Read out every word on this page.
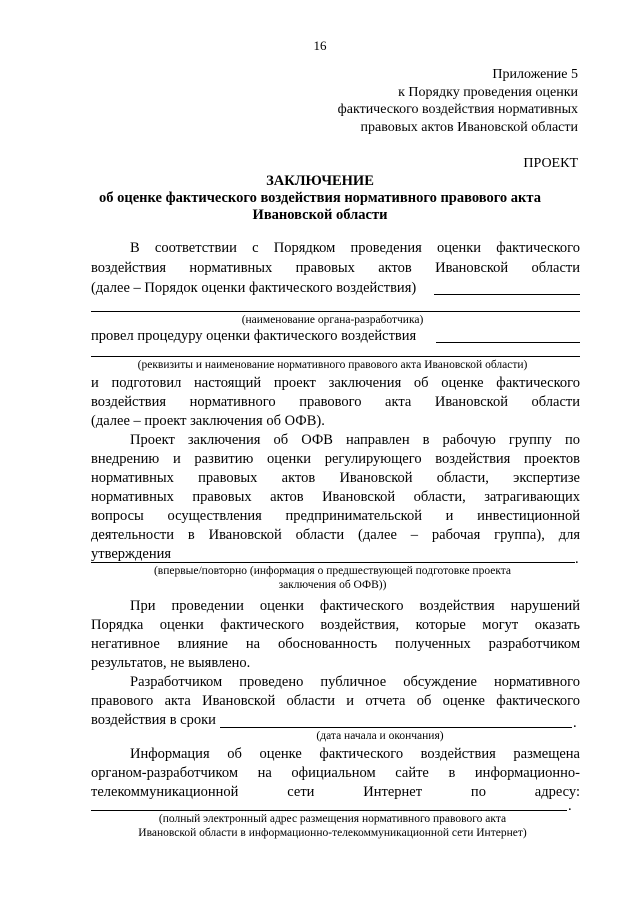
16
Приложение 5
к Порядку проведения оценки
фактического воздействия нормативных
правовых актов Ивановской области
ПРОЕКТ
ЗАКЛЮЧЕНИЕ
об оценке фактического воздействия нормативного правового акта
Ивановской области
В соответствии с Порядком проведения оценки фактического
воздействия нормативных правовых актов Ивановской области
(далее – Порядок оценки фактического воздействия)
(наименование органа-разработчика)
провел процедуру оценки фактического воздействия
(реквизиты и наименование нормативного правового акта Ивановской области)
и подготовил настоящий проект заключения об оценке фактического
воздействия нормативного правового акта Ивановской области
(далее – проект заключения об ОФВ).
Проект заключения об ОФВ направлен в рабочую группу по
внедрению и развитию оценки регулирующего воздействия проектов
нормативных правовых актов Ивановской области, экспертизе
нормативных правовых актов Ивановской области, затрагивающих
вопросы осуществления предпринимательской и инвестиционной
деятельности в Ивановской области (далее – рабочая группа), для
утверждения	.
(впервые/повторно (информация о предшествующей подготовке проекта
заключения об ОФВ))
При проведении оценки фактического воздействия нарушений
Порядка оценки фактического воздействия, которые могут оказать
негативное влияние на обоснованность полученных разработчиком
результатов, не выявлено.
Разработчиком проведено публичное обсуждение нормативного
правового акта Ивановской области и отчета об оценке фактического
воздействия в сроки	.
(дата начала и окончания)
Информация об оценке фактического воздействия размещена
органом-разработчиком на официальном сайте в информационно-
телекоммуникационной сети Интернет по адресу:
.
(полный электронный адрес размещения нормативного правового акта
Ивановской области в информационно-телекоммуникационной сети Интернет)
